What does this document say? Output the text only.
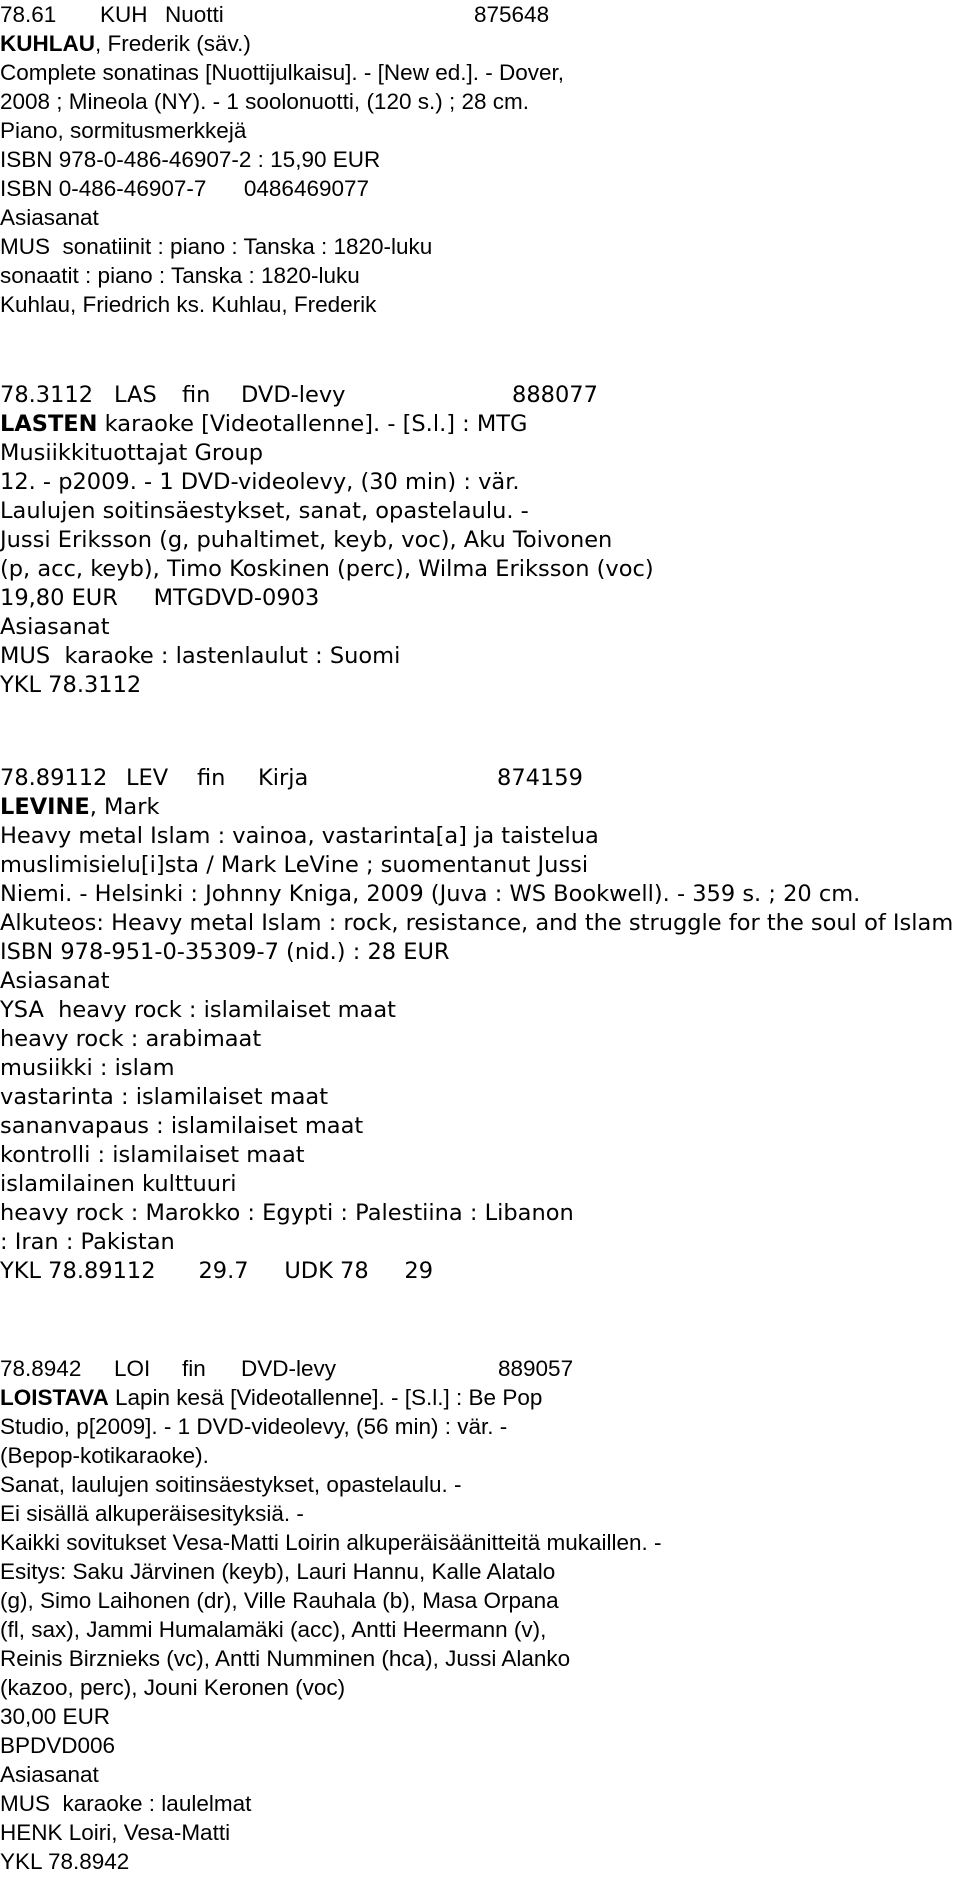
78.61

KUH

Nuotti

	875648

KUHLAU, Frederik (säv.)
Complete sonatinas [Nuottijulkaisu]. - [New ed.]. - Dover,
2008 ; Mineola (NY). - 1 soolonuotti, (120 s.) ; 28 cm.
Piano, sormitusmerkkejä
ISBN 978-0-486-46907-2 : 15,90 EUR
ISBN 0-486-46907-7      0486469077
Asiasanat
MUS  sonatiinit : piano : Tanska : 1820-luku
sonaatit : piano : Tanska : 1820-luku
Kuhlau, Friedrich ks. Kuhlau, Frederik

78.3112

LAS

fin

DVD-levy

	888077

LASTEN karaoke [Videotallenne]. - [S.l.] : MTG
Musiikkituottajat Group
12. - p2009. - 1 DVD-videolevy, (30 min) : vär.
Laulujen soitinsäestykset, sanat, opastelaulu. -
Jussi Eriksson (g, puhaltimet, keyb, voc), Aku Toivonen
(p, acc, keyb), Timo Koskinen (perc), Wilma Eriksson (voc)
19,80 EUR     MTGDVD-0903
Asiasanat
MUS  karaoke : lastenlaulut : Suomi
YKL 78.3112

78.89112

LEV

fin

Kirja

	874159

LEVINE, Mark
Heavy metal Islam : vainoa, vastarinta[a] ja taistelua
muslimisielu[i]sta / Mark LeVine ; suomentanut Jussi
Niemi. - Helsinki : Johnny Kniga, 2009 (Juva : WS Bookwell). - 359 s. ; 20 cm.
Alkuteos: Heavy metal Islam : rock, resistance, and the struggle for the soul of Islam
ISBN 978-951-0-35309-7 (nid.) : 28 EUR
Asiasanat
YSA  heavy rock : islamilaiset maat
heavy rock : arabimaat
musiikki : islam
vastarinta : islamilaiset maat
sananvapaus : islamilaiset maat
kontrolli : islamilaiset maat
islamilainen kulttuuri
heavy rock : Marokko : Egypti : Palestiina : Libanon
: Iran : Pakistan
YKL 78.89112      29.7     UDK 78     29

78.8942

LOI

fin

DVD-levy

	889057

LOISTAVA Lapin kesä [Videotallenne]. - [S.l.] : Be Pop
Studio, p[2009]. - 1 DVD-videolevy, (56 min) : vär. -
(Bepop-kotikaraoke).
Sanat, laulujen soitinsäestykset, opastelaulu. -
Ei sisällä alkuperäisesityksiä. -
Kaikki sovitukset Vesa-Matti Loirin alkuperäisäänitteitä mukaillen. -
Esitys: Saku Järvinen (keyb), Lauri Hannu, Kalle Alatalo
(g), Simo Laihonen (dr), Ville Rauhala (b), Masa Orpana
(fl, sax), Jammi Humalamäki (acc), Antti Heermann (v),
Reinis Birznieks (vc), Antti Numminen (hca), Jussi Alanko
(kazoo, perc), Jouni Keronen (voc)
30,00 EUR
BPDVD006
Asiasanat
MUS  karaoke : laulelmat
HENK Loiri, Vesa-Matti
YKL 78.8942
